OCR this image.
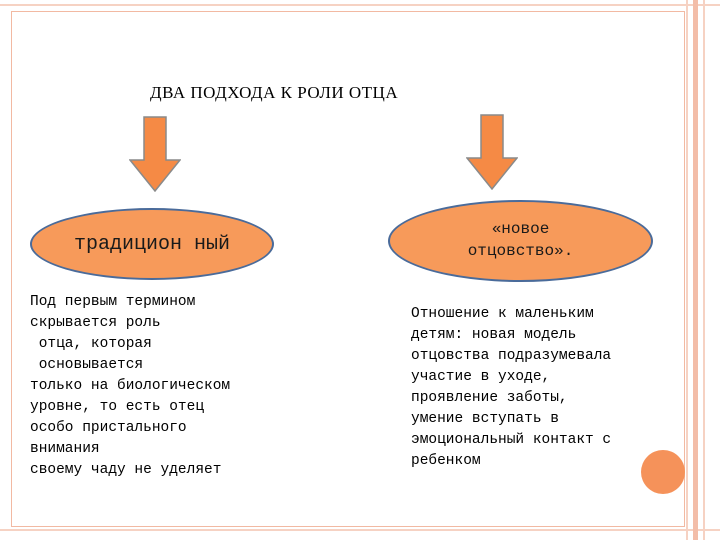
ДВА ПОДХОДА К РОЛИ ОТЦА
традицион ный
«новое отцовство».
Под первым термином
скрывается роль
отца, которая
основывается
только на биологическом
уровне, то есть отец
особо пристального
внимания
своему чаду не уделяет
Отношение к маленьким
детям: новая модель
отцовства подразумевала
участие в уходе,
проявление заботы,
умение вступать в
эмоциональный контакт с
ребенком
